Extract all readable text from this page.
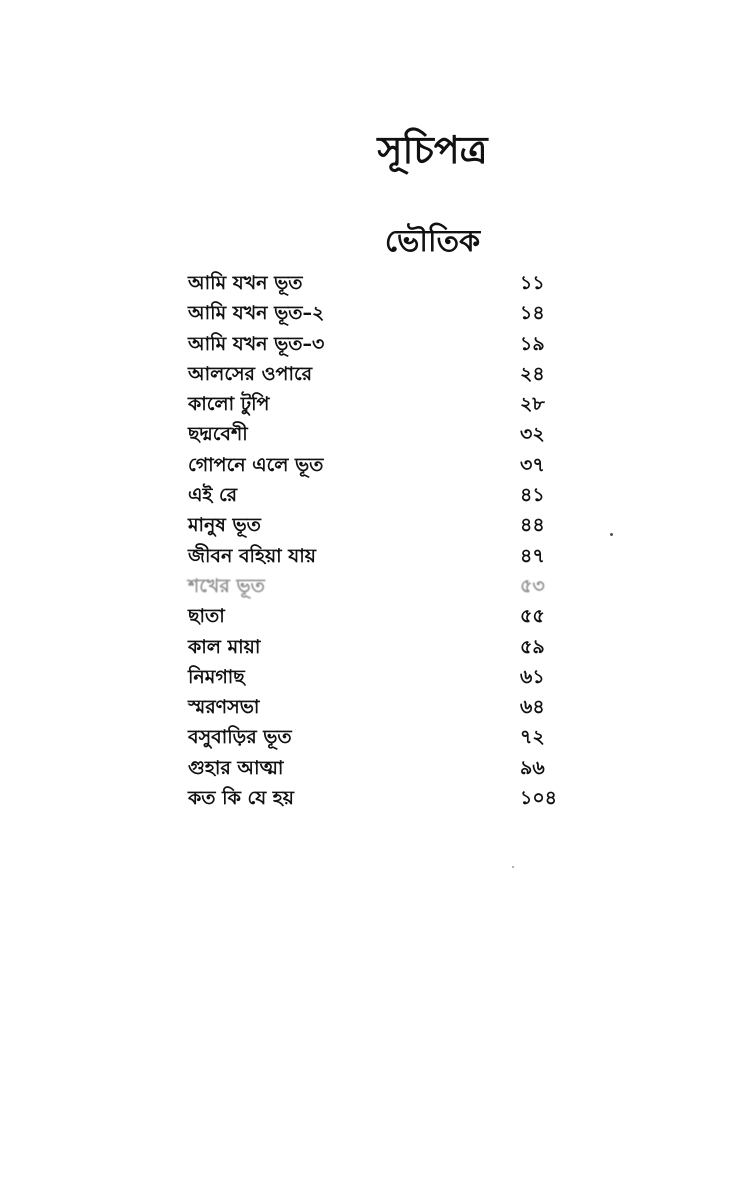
সূচিপত্র
ভৌতিক
আমি যখন ভূত	১১
আমি যখন ভূত–২	১৪
আমি যখন ভূত–৩	১৯
আলসের ওপারে	২৪
কালো টুপি	২৮
ছদ্মবেশী	৩২
গোপনে এলে ভূত	৩৭
এই রে	৪১
মানুষ ভূত	৪৪
জীবন বহিয়া যায়	৪৭
শখের ভূত	৫৩
ছাতা	৫৫
কাল মায়া	৫৯
নিমগাছ	৬১
স্মরণসভা	৬৪
বসুবাড়ির ভূত	৭২
গুহার আত্মা	৯৬
কত কি যে হয়	১০৪
